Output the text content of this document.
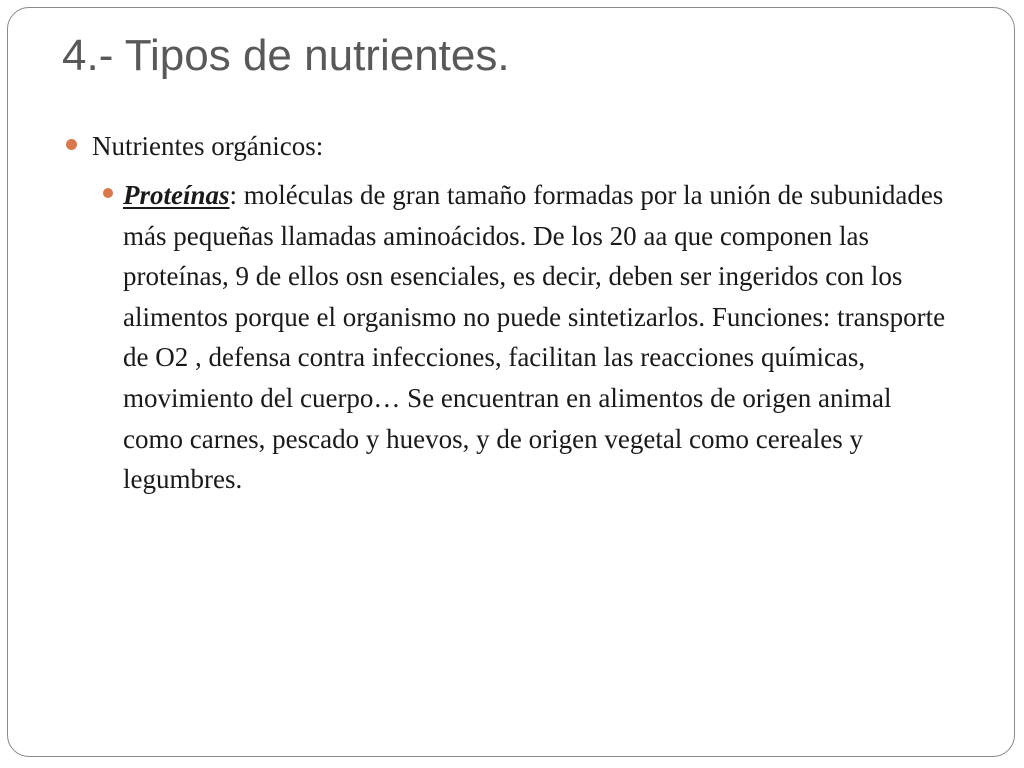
4.- Tipos de nutrientes.
Nutrientes orgánicos:
Proteínas: moléculas de gran tamaño formadas por la unión de subunidades más pequeñas llamadas aminoácidos. De los 20 aa que componen las proteínas, 9 de ellos osn esenciales, es decir, deben ser ingeridos con los alimentos porque el organismo no puede sintetizarlos. Funciones: transporte de O2 , defensa contra infecciones, facilitan las reacciones químicas, movimiento del cuerpo… Se encuentran en alimentos de origen animal como carnes, pescado y huevos, y de origen vegetal como cereales y legumbres.
